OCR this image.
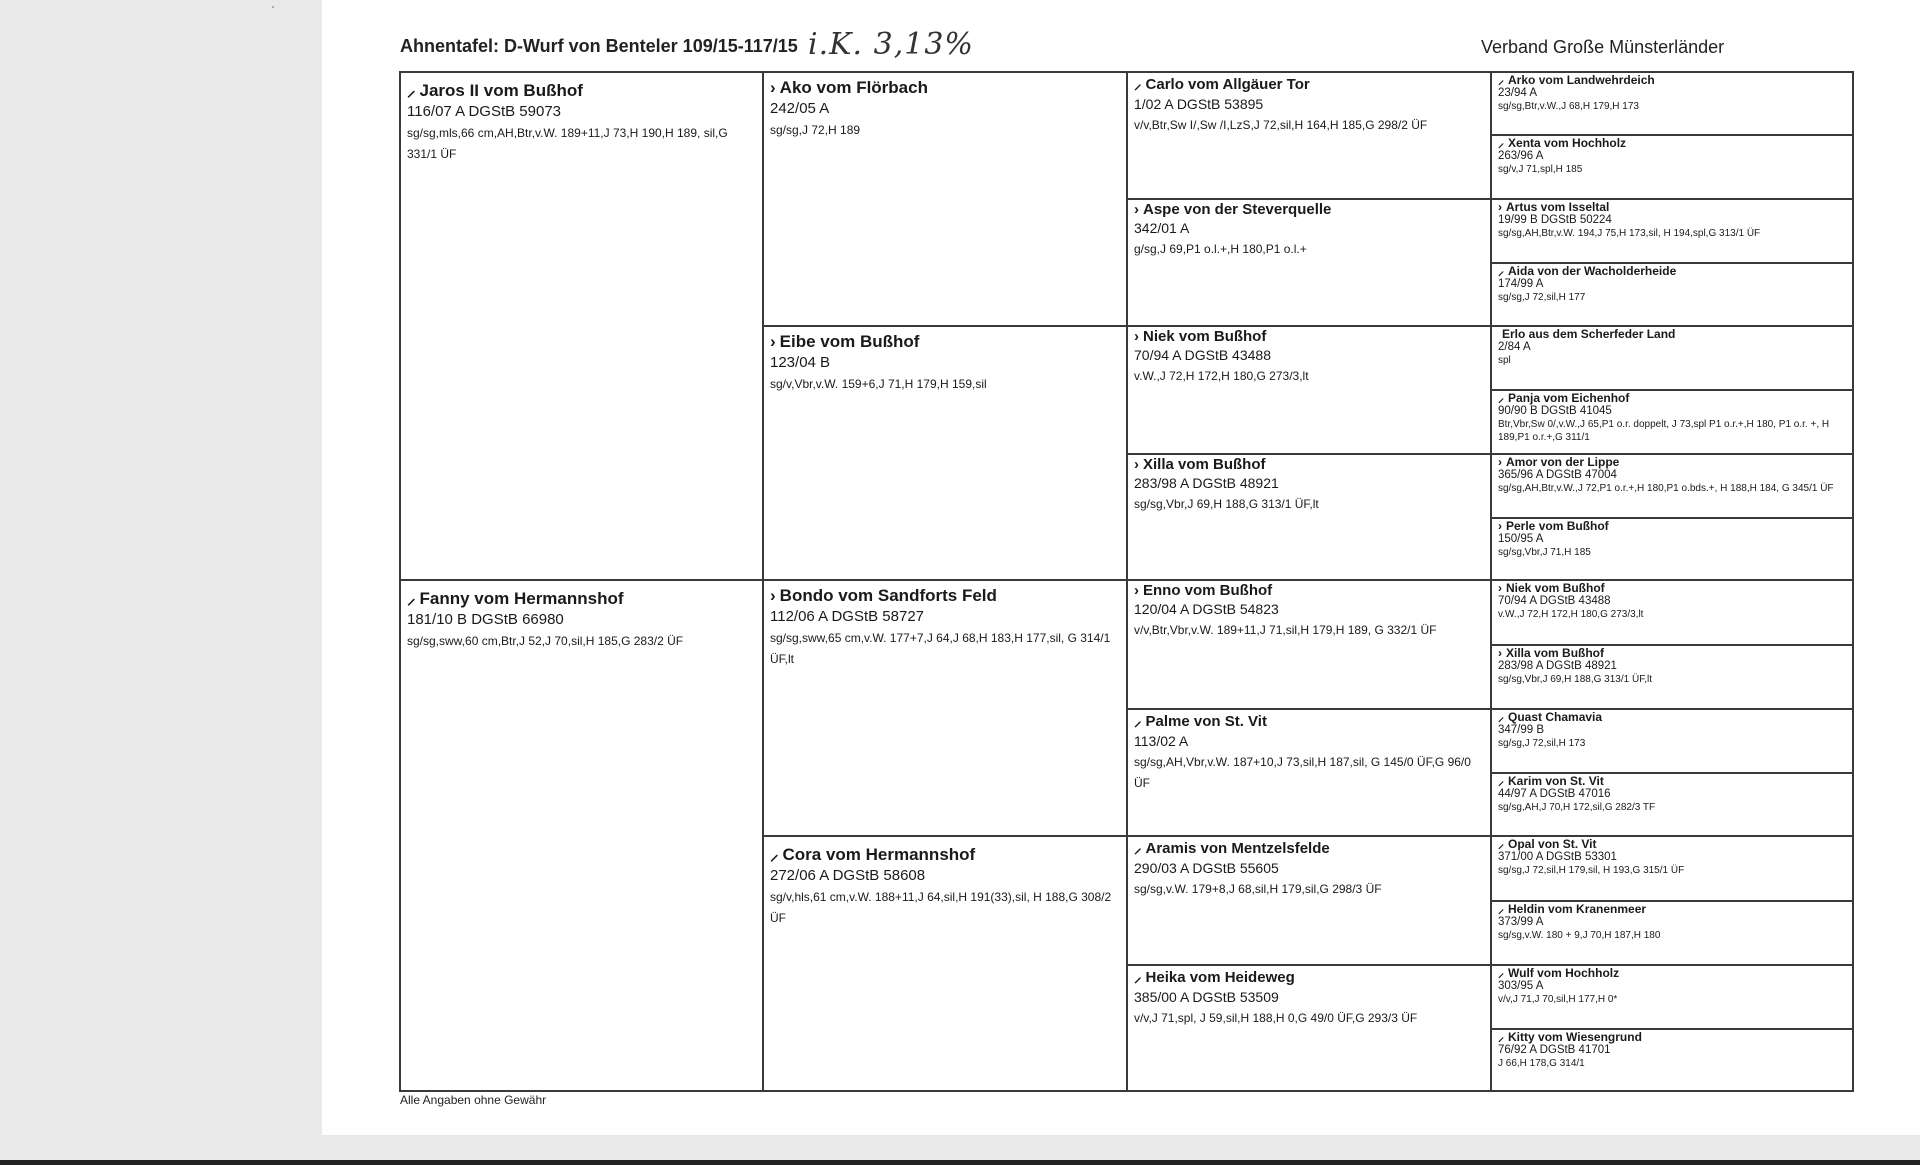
Ahnentafel: D-Wurf von Benteler 109/15-117/15 i.K. 3,13%	Verband Große Münsterländer
⸝ Jaros II vom Bußhof
116/07 A DGStB 59073
sg/sg,mls,66 cm,AH,Btr,v.W. 189+11,J 73,H 190,H 189, sil,G 331/1 ÜF
⸝ Fanny vom Hermannshof
181/10 B DGStB 66980
sg/sg,sww,60 cm,Btr,J 52,J 70,sil,H 185,G 283/2 ÜF
› Ako vom Flörbach
242/05 A
sg/sg,J 72,H 189
› Eibe vom Bußhof
123/04 B
sg/v,Vbr,v.W. 159+6,J 71,H 179,H 159,sil
› Bondo vom Sandforts Feld
112/06 A DGStB 58727
sg/sg,sww,65 cm,v.W. 177+7,J 64,J 68,H 183,H 177,sil, G 314/1 ÜF,lt
⸝ Cora vom Hermannshof
272/06 A DGStB 58608
sg/v,hls,61 cm,v.W. 188+11,J 64,sil,H 191(33),sil, H 188,G 308/2 ÜF
⸝ Carlo vom Allgäuer Tor
1/02 A DGStB 53895
v/v,Btr,Sw I/,Sw /I,LzS,J 72,sil,H 164,H 185,G 298/2 ÜF
› Aspe von der Steverquelle
342/01 A
g/sg,J 69,P1 o.l.+,H 180,P1 o.l.+
› Niek vom Bußhof
70/94 A DGStB 43488
v.W.,J 72,H 172,H 180,G 273/3,lt
› Xilla vom Bußhof
283/98 A DGStB 48921
sg/sg,Vbr,J 69,H 188,G 313/1 ÜF,lt
› Enno vom Bußhof
120/04 A DGStB 54823
v/v,Btr,Vbr,v.W. 189+11,J 71,sil,H 179,H 189, G 332/1 ÜF
⸝ Palme von St. Vit
113/02 A
sg/sg,AH,Vbr,v.W. 187+10,J 73,sil,H 187,sil, G 145/0 ÜF,G 96/0 ÜF
⸝ Aramis von Mentzelsfelde
290/03 A DGStB 55605
sg/sg,v.W. 179+8,J 68,sil,H 179,sil,G 298/3 ÜF
⸝ Heika vom Heideweg
385/00 A DGStB 53509
v/v,J 71,spl, J 59,sil,H 188,H 0,G 49/0 ÜF,G 293/3 ÜF
⸝ Arko vom Landwehrdeich
23/94 A
sg/sg,Btr,v.W.,J 68,H 179,H 173
⸝ Xenta vom Hochholz
263/96 A
sg/v,J 71,spl,H 185
› Artus vom Isseltal
19/99 B DGStB 50224
sg/sg,AH,Btr,v.W. 194,J 75,H 173,sil, H 194,spl,G 313/1 ÜF
⸝ Aida von der Wacholderheide
174/99 A
sg/sg,J 72,sil,H 177
Erlo aus dem Scherfeder Land
2/84 A
spl
⸝ Panja vom Eichenhof
90/90 B DGStB 41045
Btr,Vbr,Sw 0/,v.W.,J 65,P1 o.r. doppelt, J 73,spl P1 o.r.+,H 180, P1 o.r. +, H 189,P1 o.r.+,G 311/1
› Amor von der Lippe
365/96 A DGStB 47004
sg/sg,AH,Btr,v.W.,J 72,P1 o.r.+,H 180,P1 o.bds.+, H 188,H 184, G 345/1 ÜF
› Perle vom Bußhof
150/95 A
sg/sg,Vbr,J 71,H 185
› Niek vom Bußhof
70/94 A DGStB 43488
v.W.,J 72,H 172,H 180,G 273/3,lt
› Xilla vom Bußhof
283/98 A DGStB 48921
sg/sg,Vbr,J 69,H 188,G 313/1 ÜF,lt
⸝ Quast Chamavia
347/99 B
sg/sg,J 72,sil,H 173
⸝ Karim von St. Vit
44/97 A DGStB 47016
sg/sg,AH,J 70,H 172,sil,G 282/3 TF
⸝ Opal von St. Vit
371/00 A DGStB 53301
sg/sg,J 72,sil,H 179,sil, H 193,G 315/1 ÜF
⸝ Heldin vom Kranenmeer
373/99 A
sg/sg,v.W. 180 + 9,J 70,H 187,H 180
⸝ Wulf vom Hochholz
303/95 A
v/v,J 71,J 70,sil,H 177,H 0*
⸝ Kitty vom Wiesengrund
76/92 A DGStB 41701
J 66,H 178,G 314/1
Alle Angaben ohne Gewähr
